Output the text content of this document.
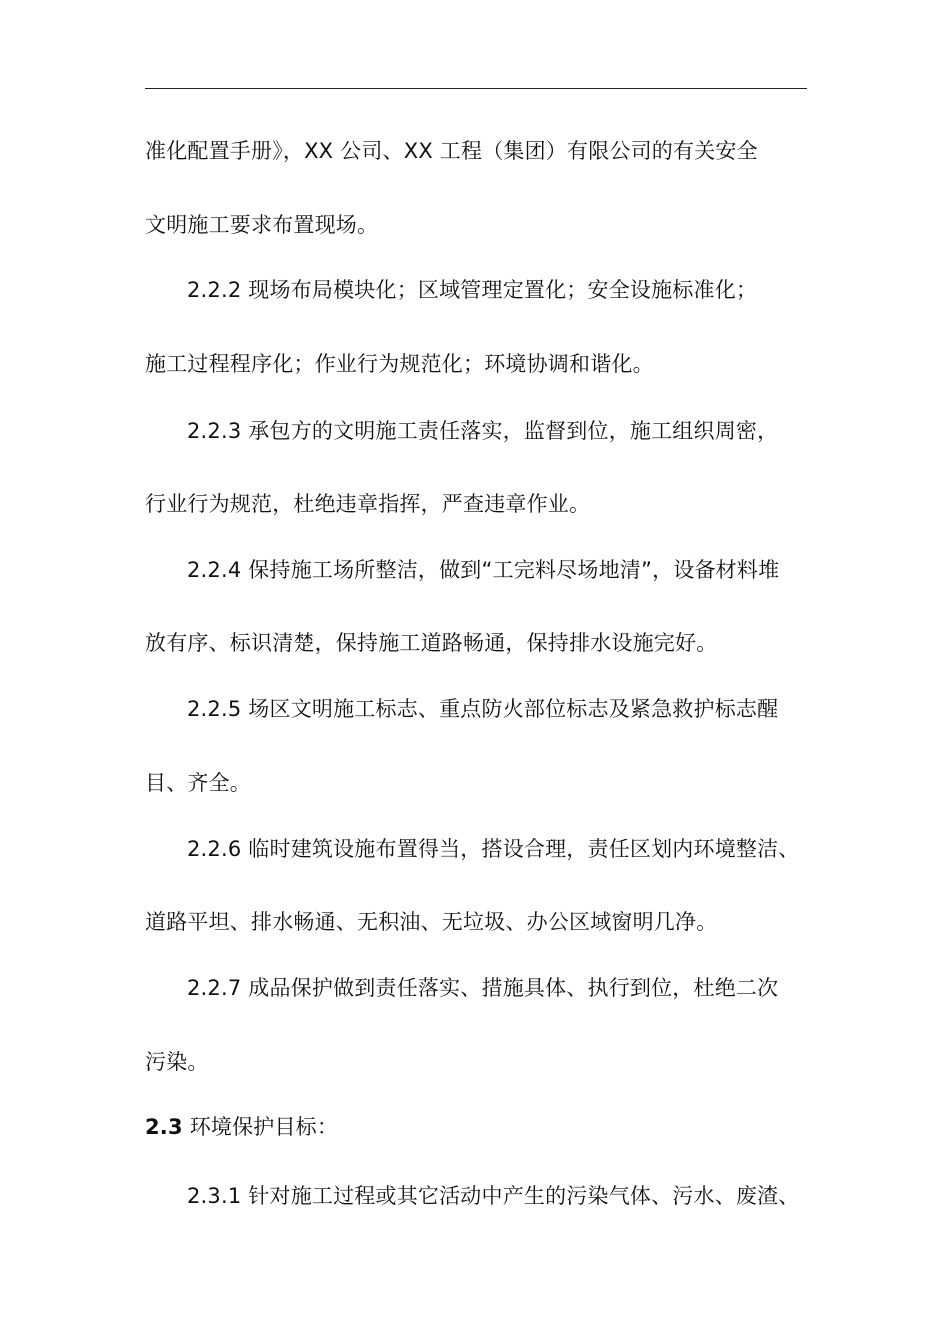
准化配置手册》，XX 公司、XX 工程（集团）有限公司的有关安全
文明施工要求布置现场。
2.2.2 现场布局模块化；区域管理定置化；安全设施标准化；
施工过程程序化；作业行为规范化；环境协调和谐化。
2.2.3 承包方的文明施工责任落实，监督到位，施工组织周密，
行业行为规范，杜绝违章指挥，严查违章作业。
2.2.4 保持施工场所整洁，做到“工完料尽场地清”，设备材料堆
放有序、标识清楚，保持施工道路畅通，保持排水设施完好。
2.2.5 场区文明施工标志、重点防火部位标志及紧急救护标志醒
目、齐全。
2.2.6 临时建筑设施布置得当，搭设合理，责任区划内环境整洁、
道路平坦、排水畅通、无积油、无垃圾、办公区域窗明几净。
2.2.7 成品保护做到责任落实、措施具体、执行到位，杜绝二次
污染。
2.3 环境保护目标：
2.3.1 针对施工过程或其它活动中产生的污染气体、污水、废渣、
